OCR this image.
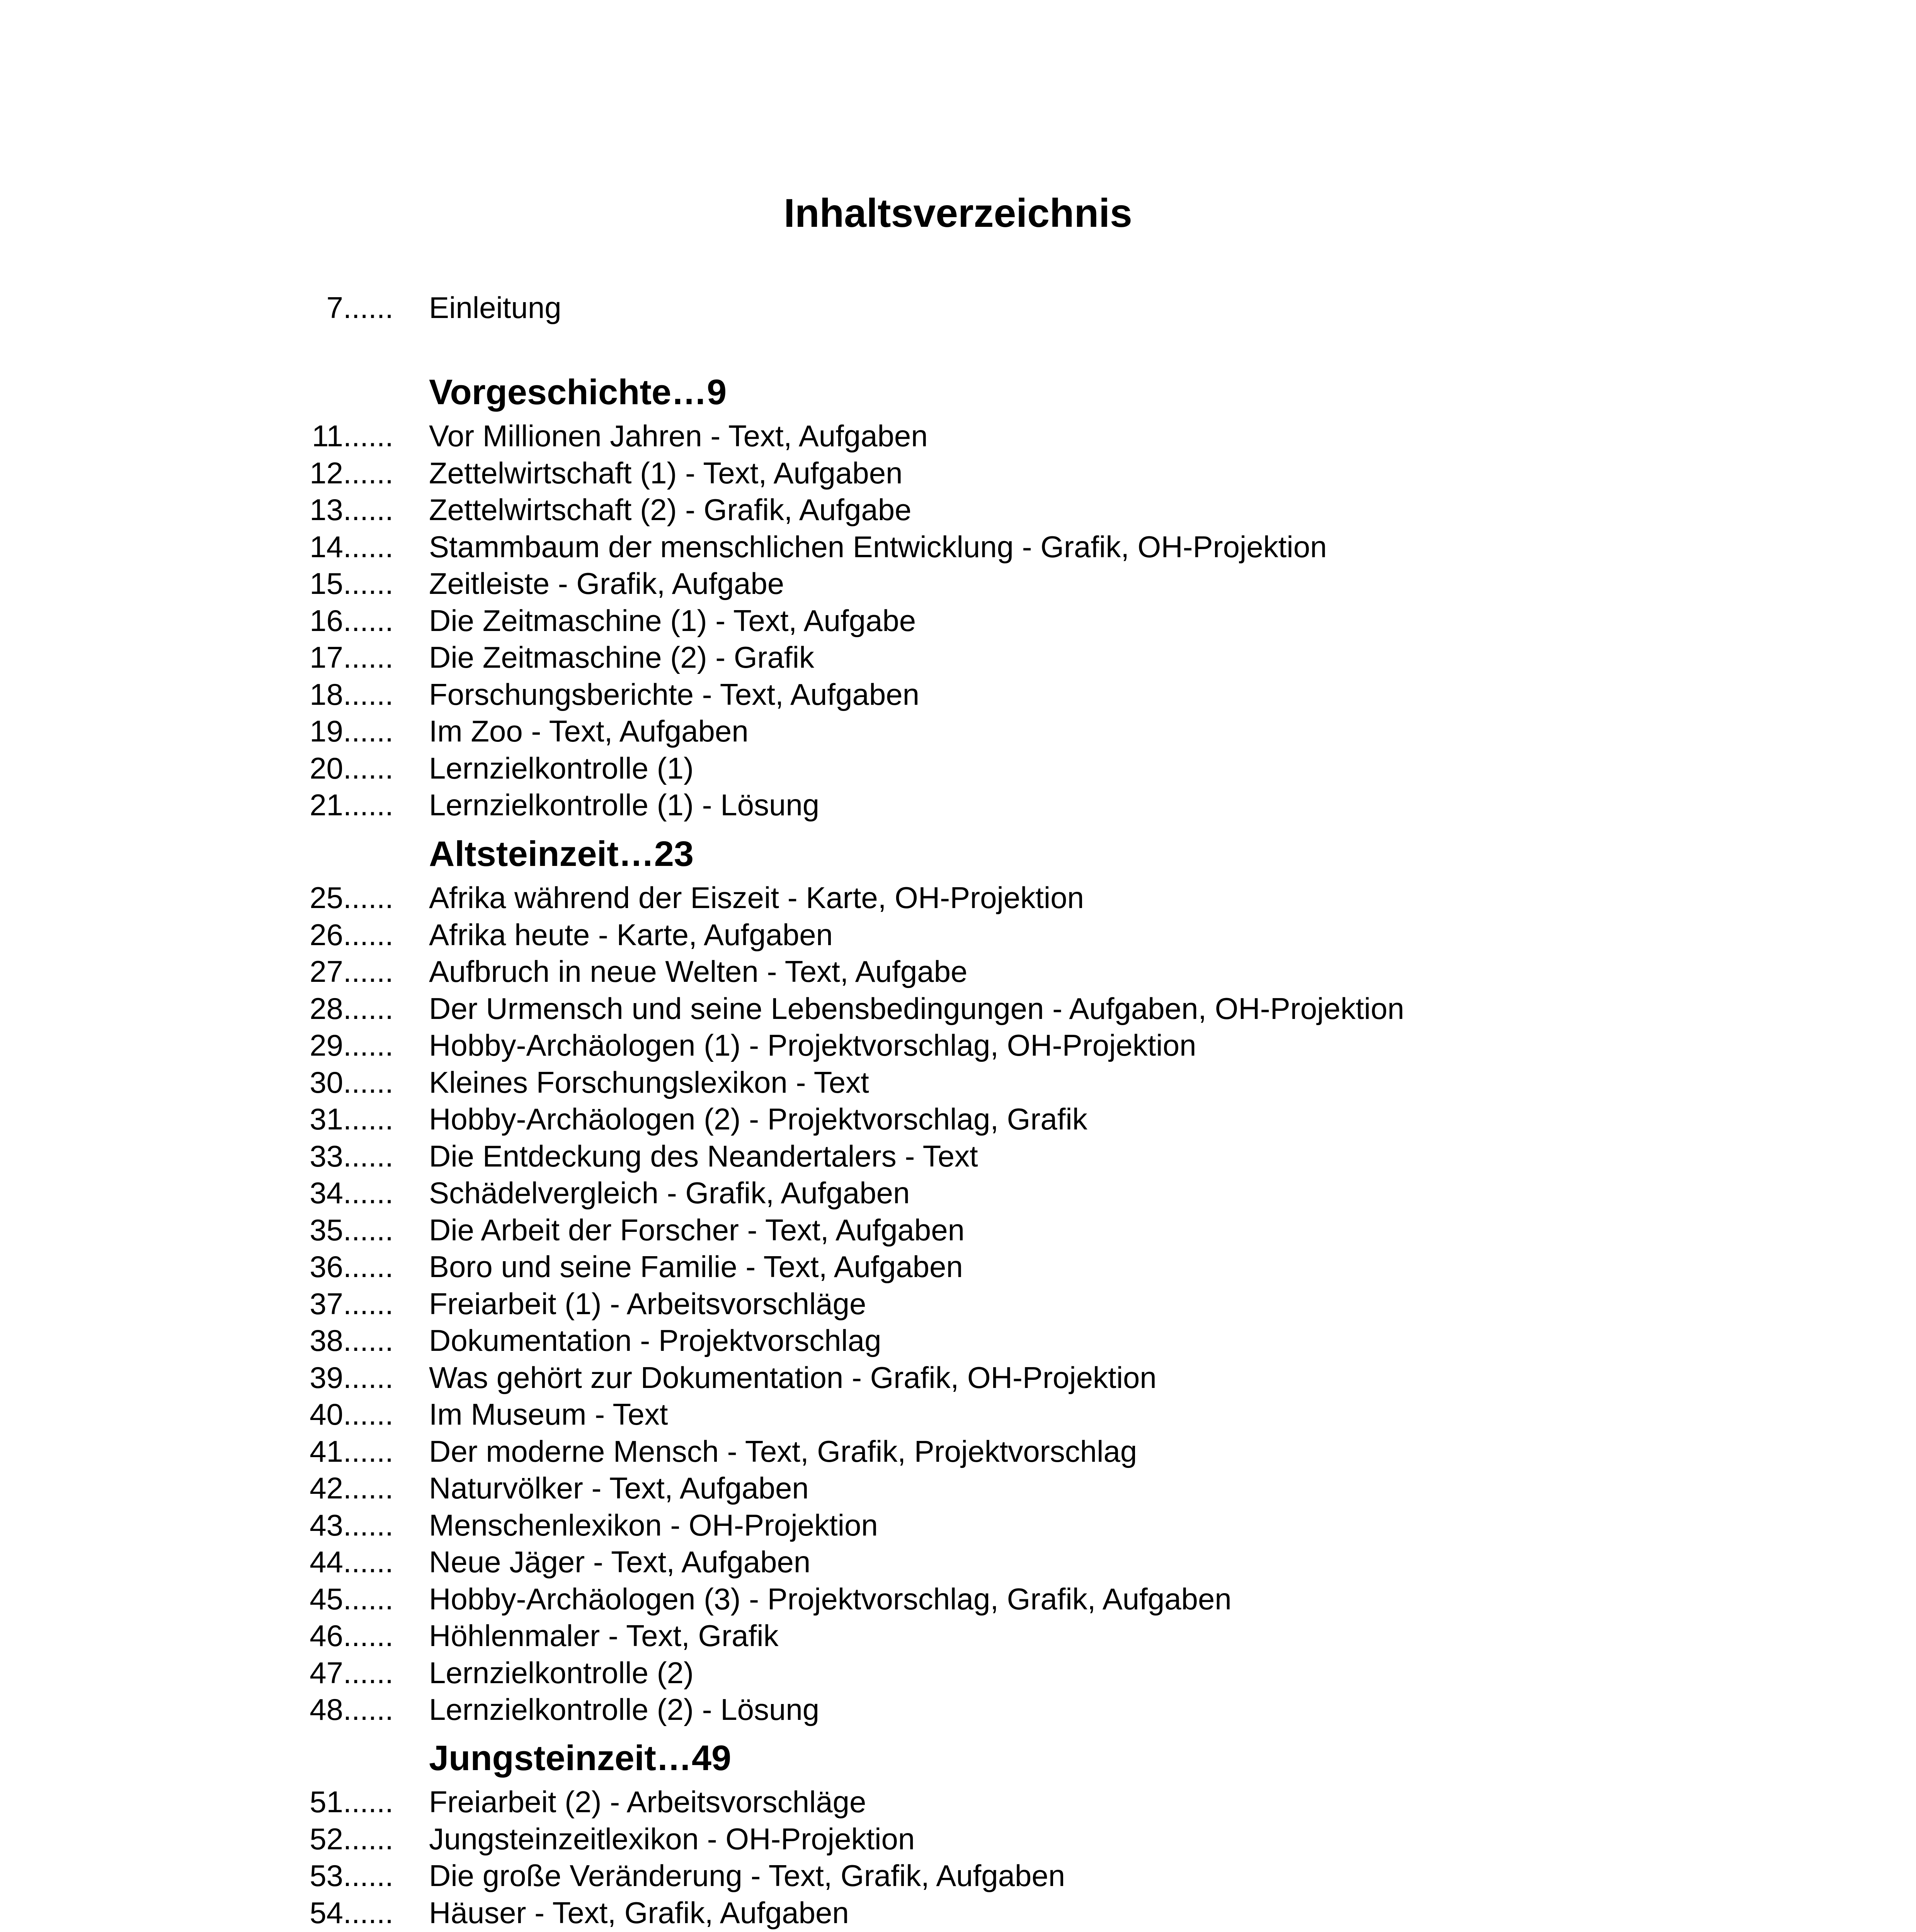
Inhaltsverzeichnis
7...... Einleitung
Vorgeschichte…9
11...... Vor Millionen Jahren - Text, Aufgaben
12...... Zettelwirtschaft (1) - Text, Aufgaben
13...... Zettelwirtschaft (2) - Grafik, Aufgabe
14...... Stammbaum der menschlichen Entwicklung - Grafik, OH-Projektion
15...... Zeitleiste - Grafik, Aufgabe
16...... Die Zeitmaschine (1) - Text, Aufgabe
17...... Die Zeitmaschine (2) - Grafik
18...... Forschungsberichte - Text, Aufgaben
19...... Im Zoo - Text, Aufgaben
20...... Lernzielkontrolle (1)
21...... Lernzielkontrolle (1) - Lösung
Altsteinzeit…23
25...... Afrika während der Eiszeit - Karte, OH-Projektion
26...... Afrika heute - Karte, Aufgaben
27...... Aufbruch in neue Welten - Text, Aufgabe
28...... Der Urmensch und seine Lebensbedingungen - Aufgaben, OH-Projektion
29...... Hobby-Archäologen (1) - Projektvorschlag, OH-Projektion
30...... Kleines Forschungslexikon - Text
31...... Hobby-Archäologen (2) - Projektvorschlag, Grafik
33...... Die Entdeckung des Neandertalers - Text
34...... Schädelvergleich - Grafik, Aufgaben
35...... Die Arbeit der Forscher - Text, Aufgaben
36...... Boro und seine Familie - Text, Aufgaben
37...... Freiarbeit (1) - Arbeitsvorschläge
38...... Dokumentation - Projektvorschlag
39...... Was gehört zur Dokumentation - Grafik, OH-Projektion
40...... Im Museum - Text
41...... Der moderne Mensch - Text, Grafik, Projektvorschlag
42...... Naturvölker - Text, Aufgaben
43...... Menschenlexikon - OH-Projektion
44...... Neue Jäger - Text, Aufgaben
45...... Hobby-Archäologen (3) - Projektvorschlag, Grafik, Aufgaben
46...... Höhlenmaler - Text, Grafik
47...... Lernzielkontrolle (2)
48...... Lernzielkontrolle (2) - Lösung
Jungsteinzeit…49
51...... Freiarbeit (2) - Arbeitsvorschläge
52...... Jungsteinzeitlexikon - OH-Projektion
53...... Die große Veränderung - Text, Grafik, Aufgaben
54...... Häuser - Text, Grafik, Aufgaben
